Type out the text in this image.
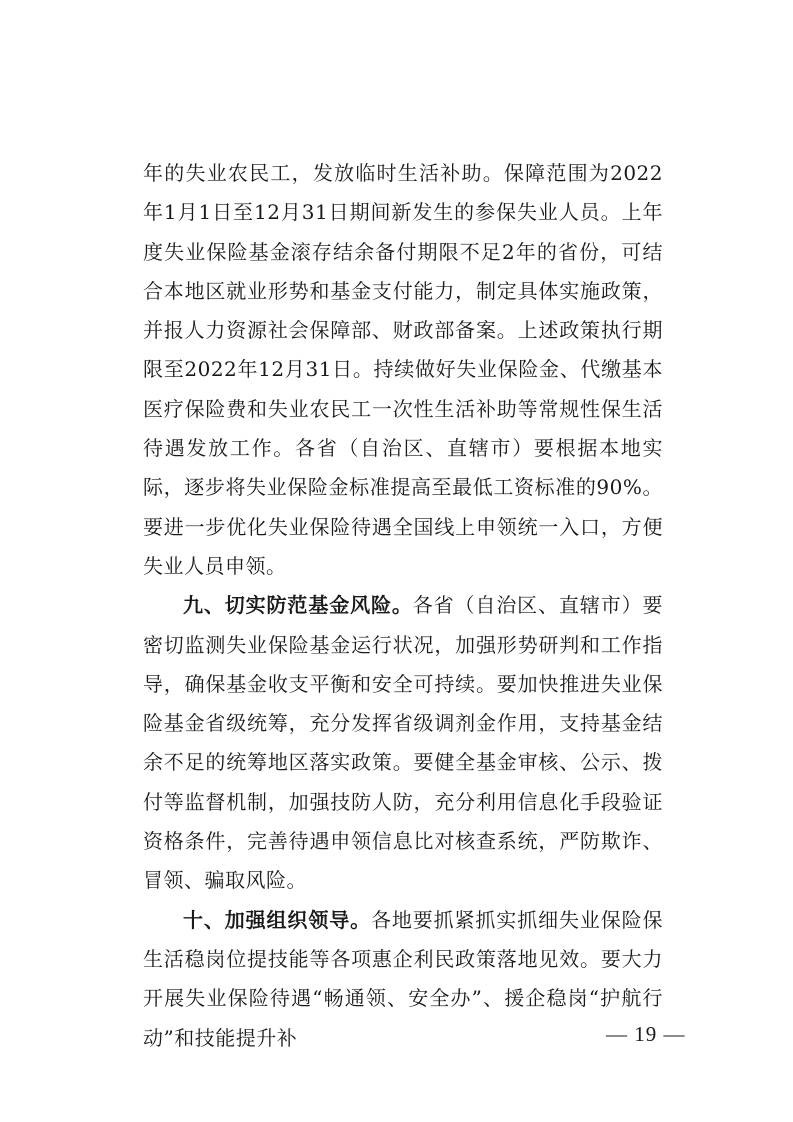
年的失业农民工，发放临时生活补助。保障范围为2022年1月1日至12月31日期间新发生的参保失业人员。上年度失业保险基金滚存结余备付期限不足2年的省份，可结合本地区就业形势和基金支付能力，制定具体实施政策，并报人力资源社会保障部、财政部备案。上述政策执行期限至2022年12月31日。持续做好失业保险金、代缴基本医疗保险费和失业农民工一次性生活补助等常规性保生活待遇发放工作。各省（自治区、直辖市）要根据本地实际，逐步将失业保险金标准提高至最低工资标准的90%。要进一步优化失业保险待遇全国线上申领统一入口，方便失业人员申领。

九、切实防范基金风险。各省（自治区、直辖市）要密切监测失业保险基金运行状况，加强形势研判和工作指导，确保基金收支平衡和安全可持续。要加快推进失业保险基金省级统筹，充分发挥省级调剂金作用，支持基金结余不足的统筹地区落实政策。要健全基金审核、公示、拨付等监督机制，加强技防人防，充分利用信息化手段验证资格条件，完善待遇申领信息比对核查系统，严防欺诈、冒领、骗取风险。

十、加强组织领导。各地要抓紧抓实抓细失业保险保生活稳岗位提技能等各项惠企利民政策落地见效。要大力开展失业保险待遇“畅通领、安全办”、援企稳岗“护航行动”和技能提升补	— 19 —
